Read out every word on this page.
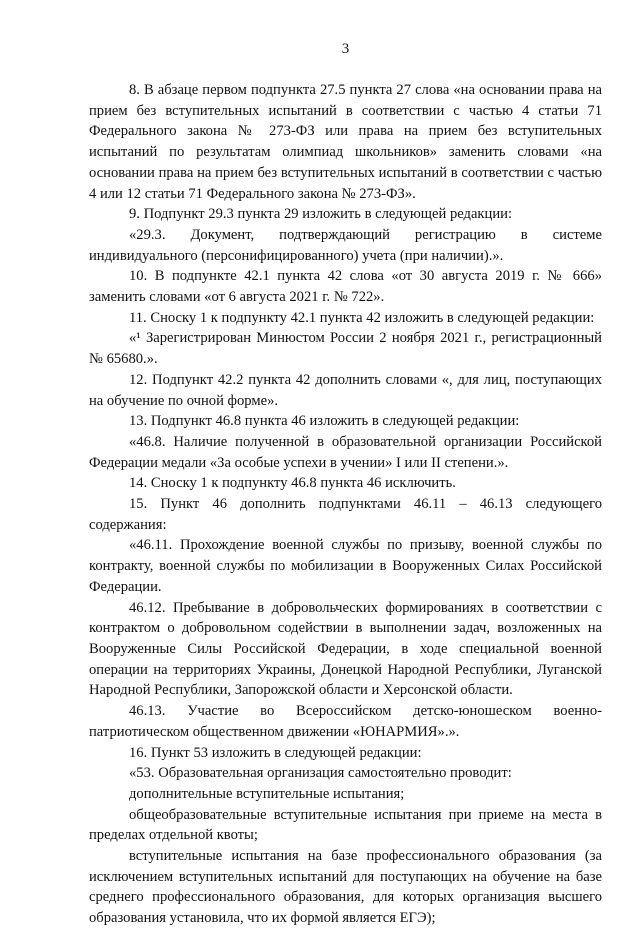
3

8. В абзаце первом подпункта 27.5 пункта 27 слова «на основании права на прием без вступительных испытаний в соответствии с частью 4 статьи 71 Федерального закона № 273-ФЗ или права на прием без вступительных испытаний по результатам олимпиад школьников» заменить словами «на основании права на прием без вступительных испытаний в соответствии с частью 4 или 12 статьи 71 Федерального закона № 273-ФЗ».

9. Подпункт 29.3 пункта 29 изложить в следующей редакции:

«29.3. Документ, подтверждающий регистрацию в системе индивидуального (персонифицированного) учета (при наличии).».

10. В подпункте 42.1 пункта 42 слова «от 30 августа 2019 г. № 666» заменить словами «от 6 августа 2021 г. № 722».

11. Сноску 1 к подпункту 42.1 пункта 42 изложить в следующей редакции:

«¹ Зарегистрирован Минюстом России 2 ноября 2021 г., регистрационный № 65680.».

12. Подпункт 42.2 пункта 42 дополнить словами «, для лиц, поступающих на обучение по очной форме».

13. Подпункт 46.8 пункта 46 изложить в следующей редакции:

«46.8. Наличие полученной в образовательной организации Российской Федерации медали «За особые успехи в учении» I или II степени.».

14. Сноску 1 к подпункту 46.8 пункта 46 исключить.

15. Пункт 46 дополнить подпунктами 46.11 – 46.13 следующего содержания:

«46.11. Прохождение военной службы по призыву, военной службы по контракту, военной службы по мобилизации в Вооруженных Силах Российской Федерации.

46.12. Пребывание в добровольческих формированиях в соответствии с контрактом о добровольном содействии в выполнении задач, возложенных на Вооруженные Силы Российской Федерации, в ходе специальной военной операции на территориях Украины, Донецкой Народной Республики, Луганской Народной Республики, Запорожской области и Херсонской области.

46.13. Участие во Всероссийском детско-юношеском военно-патриотическом общественном движении «ЮНАРМИЯ».».

16. Пункт 53 изложить в следующей редакции:

«53. Образовательная организация самостоятельно проводит:

дополнительные вступительные испытания;

общеобразовательные вступительные испытания при приеме на места в пределах отдельной квоты;

вступительные испытания на базе профессионального образования (за исключением вступительных испытаний для поступающих на обучение на базе среднего профессионального образования, для которых организация высшего образования установила, что их формой является ЕГЭ);
